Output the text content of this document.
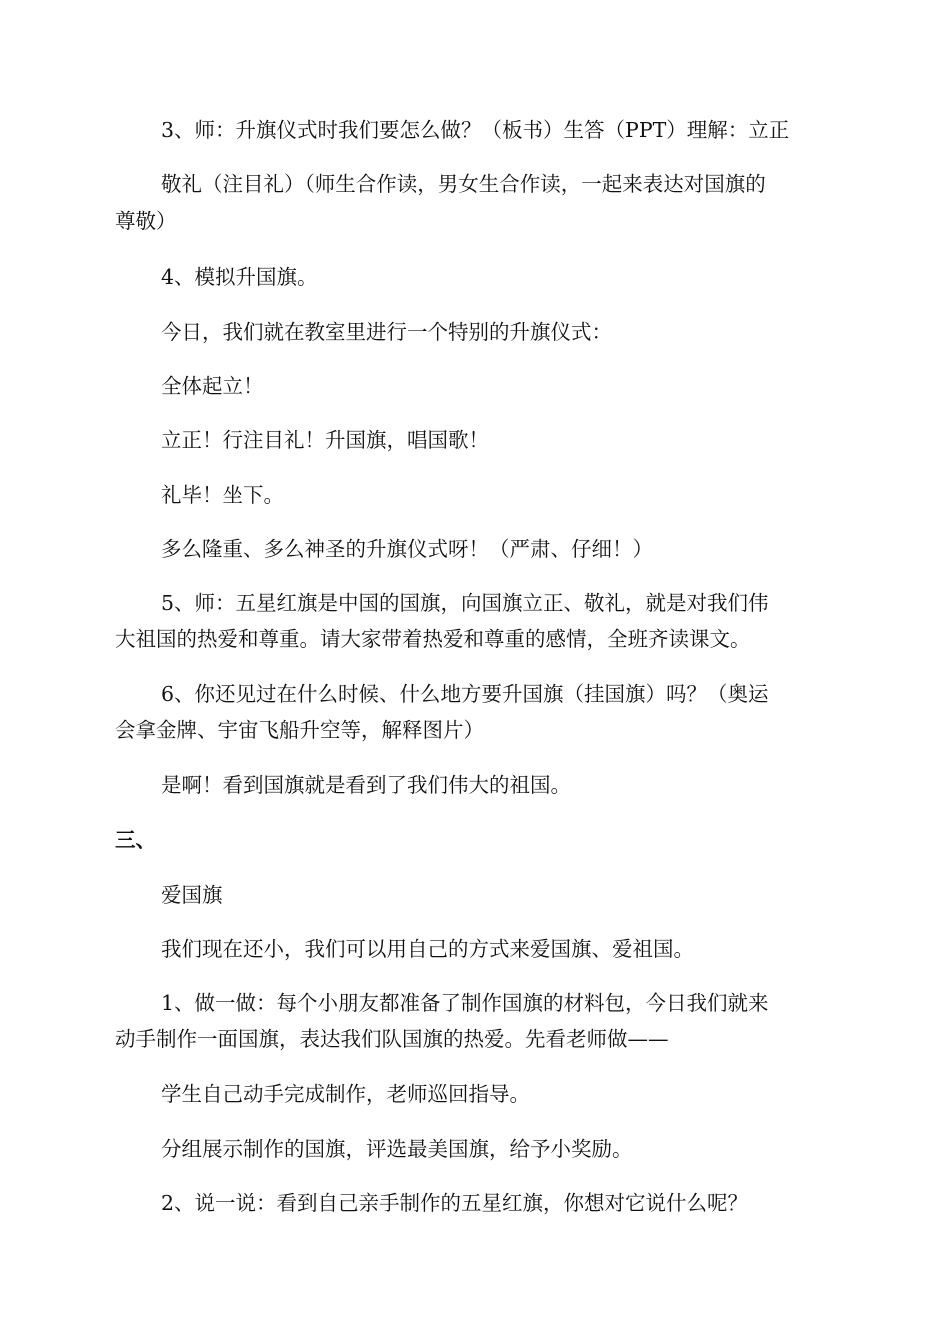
3、师：升旗仪式时我们要怎么做？（板书）生答（PPT）理解：立正
敬礼（注目礼）（师生合作读，男女生合作读，一起来表达对国旗的
尊敬）
4、模拟升国旗。
今日，我们就在教室里进行一个特别的升旗仪式：
全体起立！
立正！行注目礼！升国旗，唱国歌！
礼毕！坐下。
多么隆重、多么神圣的升旗仪式呀！（严肃、仔细！）
5、师：五星红旗是中国的国旗，向国旗立正、敬礼，就是对我们伟
大祖国的热爱和尊重。请大家带着热爱和尊重的感情，全班齐读课文。
6、你还见过在什么时候、什么地方要升国旗（挂国旗）吗？（奥运
会拿金牌、宇宙飞船升空等，解释图片）
是啊！看到国旗就是看到了我们伟大的祖国。
三、
爱国旗
我们现在还小，我们可以用自己的方式来爱国旗、爱祖国。
1、做一做：每个小朋友都准备了制作国旗的材料包，今日我们就来
动手制作一面国旗，表达我们队国旗的热爱。先看老师做——
学生自己动手完成制作，老师巡回指导。
分组展示制作的国旗，评选最美国旗，给予小奖励。
2、说一说：看到自己亲手制作的五星红旗，你想对它说什么呢？
